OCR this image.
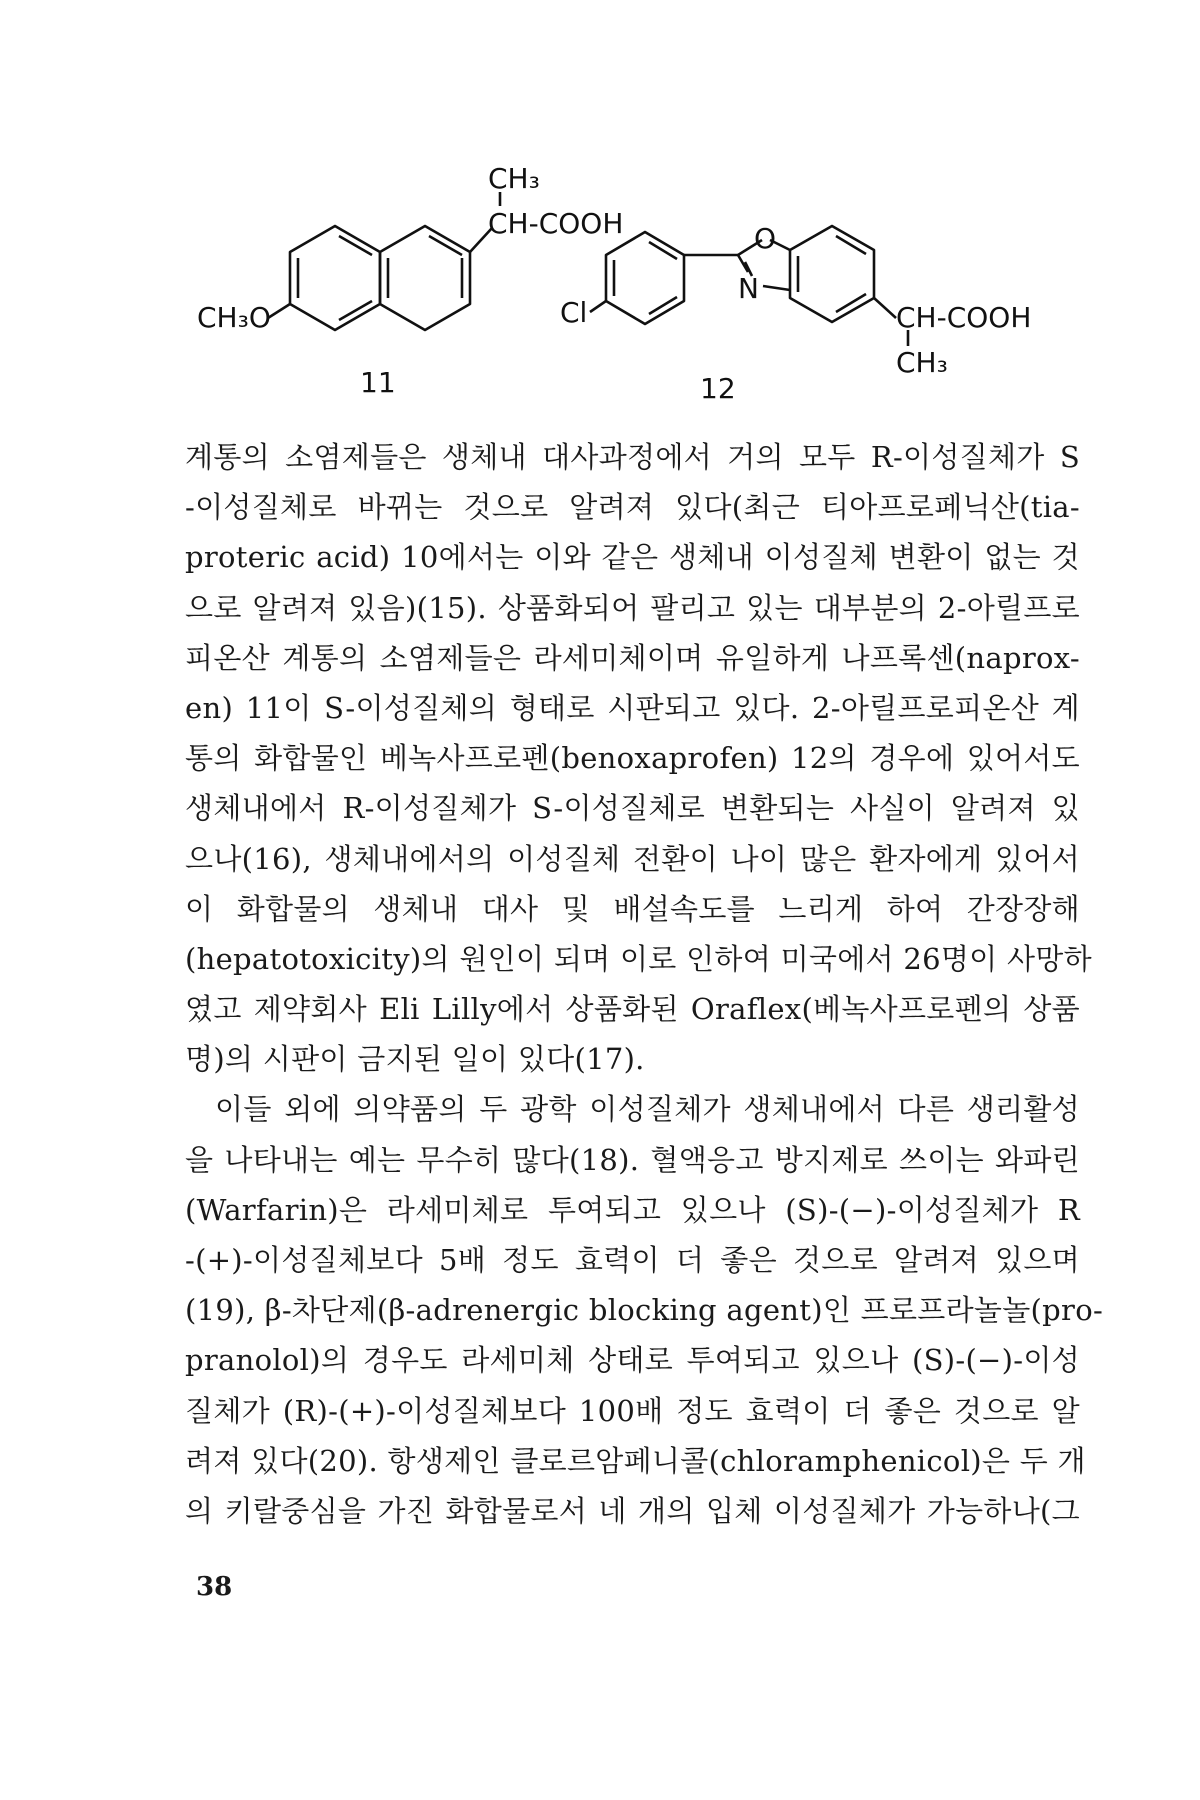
CH₃O
CH₃
CH-COOH
11
Cl
O
N
CH-COOH
CH₃
12
계통의 소염제들은 생체내 대사과정에서 거의 모두 R-이성질체가 S
-이성질체로 바뀌는 것으로 알려져 있다(최근 티아프로페닉산(tia-
proteric acid) 10에서는 이와 같은 생체내 이성질체 변환이 없는 것
으로 알려져 있음)(15). 상품화되어 팔리고 있는 대부분의 2-아릴프로
피온산 계통의 소염제들은 라세미체이며 유일하게 나프록센(naprox-
en) 11이 S-이성질체의 형태로 시판되고 있다. 2-아릴프로피온산 계
통의 화합물인 베녹사프로펜(benoxaprofen) 12의 경우에 있어서도
생체내에서 R-이성질체가 S-이성질체로 변환되는 사실이 알려져 있
으나(16), 생체내에서의 이성질체 전환이 나이 많은 환자에게 있어서
이 화합물의 생체내 대사 및 배설속도를 느리게 하여 간장장해
(hepatotoxicity)의 원인이 되며 이로 인하여 미국에서 26명이 사망하
였고 제약회사 Eli Lilly에서 상품화된 Oraflex(베녹사프로펜의 상품
명)의 시판이 금지된 일이 있다(17).
이들 외에 의약품의 두 광학 이성질체가 생체내에서 다른 생리활성
을 나타내는 예는 무수히 많다(18). 혈액응고 방지제로 쓰이는 와파린
(Warfarin)은 라세미체로 투여되고 있으나 (S)-(−)-이성질체가 R
-(+)-이성질체보다 5배 정도 효력이 더 좋은 것으로 알려져 있으며
(19), β-차단제(β-adrenergic blocking agent)인 프로프라놀놀(pro-
pranolol)의 경우도 라세미체 상태로 투여되고 있으나 (S)-(−)-이성
질체가 (R)-(+)-이성질체보다 100배 정도 효력이 더 좋은 것으로 알
려져 있다(20). 항생제인 클로르암페니콜(chloramphenicol)은 두 개
의 키랄중심을 가진 화합물로서 네 개의 입체 이성질체가 가능하나(그
38
